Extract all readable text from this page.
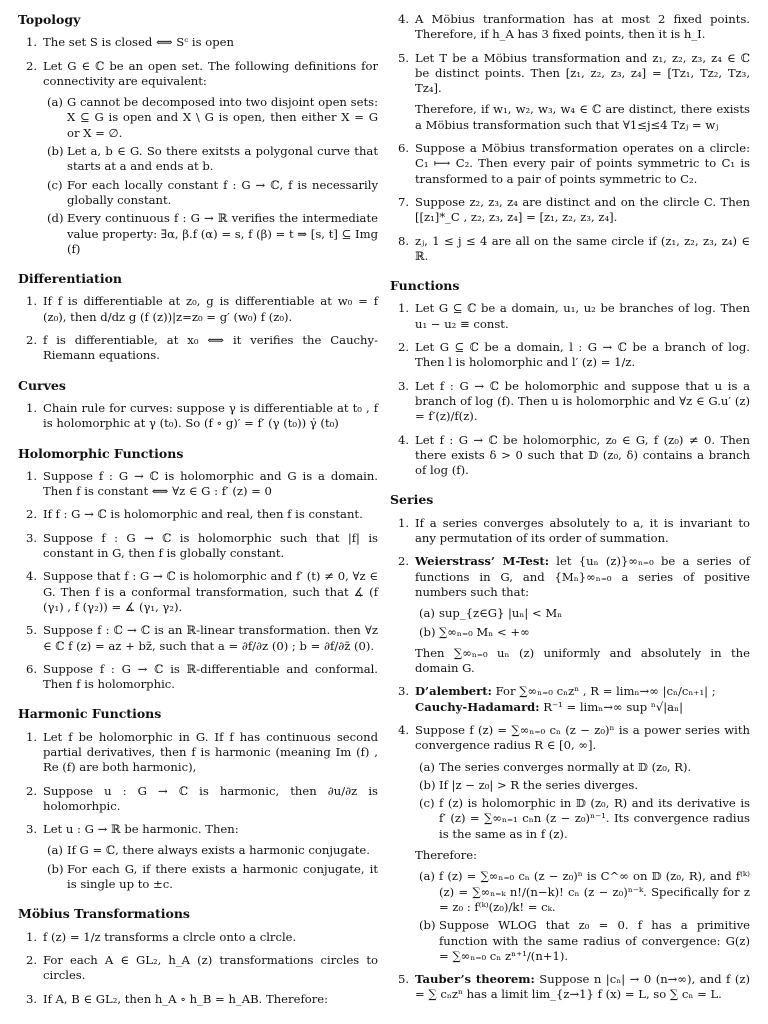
Topology
1. The set S is closed ⟺ Sᶜ is open
2. Let G ∈ ℂ be an open set. The following definitions for connectivity are equivalent:
(a) G cannot be decomposed into two disjoint open sets: X ⊆ G is open and X \ G is open, then either X = G or X = ∅.
(b) Let a, b ∈ G. So there exitsts a polygonal curve that starts at a and ends at b.
(c) For each locally constant f : G → ℂ, f is necessarily globally constant.
(d) Every continuous f : G → ℝ verifies the intermediate value property: ∃α, β.f (α) = s, f (β) = t ⇒ [s, t] ⊆ Img (f)
Differentiation
1. If f is differentiable at z₀, g is differentiable at w₀ = f (z₀), then d/dz g (f (z))|z=z₀ = g′ (w₀) f (z₀).
2. f is differentiable, at x₀ ⟺ it verifies the Cauchy-Riemann equations.
Curves
1. Chain rule for curves: suppose γ is differentiable at t₀ , f is holomorphic at γ (t₀). So (f ∘ g)′ = f′ (γ (t₀)) γ̇ (t₀)
Holomorphic Functions
1. Suppose f : G → ℂ is holomorphic and G is a domain. Then f is constant ⟺ ∀z ∈ G : f′ (z) = 0
2. If f : G → ℂ is holomorphic and real, then f is constant.
3. Suppose f : G → ℂ is holomorphic such that |f| is constant in G, then f is globally constant.
4. Suppose that f : G → ℂ is holomorphic and f′ (t) ≠ 0, ∀z ∈ G. Then f is a conformal transformation, such that ∡ (f (γ₁) , f (γ₂)) = ∡ (γ₁, γ₂).
5. Suppose f : ℂ → ℂ is an ℝ-linear transformation. then ∀z ∈ ℂ f (z) = az + bz̄, such that a = ∂f/∂z (0) ; b = ∂f/∂z̄ (0).
6. Suppose f : G → ℂ is ℝ-differentiable and conformal. Then f is holomorphic.
Harmonic Functions
1. Let f be holomorphic in G. If f has continuous second partial derivatives, then f is harmonic (meaning Im (f) , Re (f) are both harmonic),
2. Suppose u : G → ℂ is harmonic, then ∂u/∂z is holomorhpic.
3. Let u : G → ℝ be harmonic. Then:
(a) If G = ℂ, there always exists a harmonic conjugate.
(b) For each G, if there exists a harmonic conjugate, it is single up to ±c.
Möbius Transformations
1. f (z) = 1/z transforms a clrcle onto a clrcle.
2. For each A ∈ GL₂, h_A (z) transformations circles to circles.
3. If A, B ∈ GL₂, then h_A ∘ h_B = h_AB. Therefore:
4. A Möbius tranformation has at most 2 fixed points. Therefore, if h_A has 3 fixed points, then it is h_I.
5. Let T be a Möbius transformation and z₁, z₂, z₃, z₄ ∈ ℂ be distinct points. Then [z₁, z₂, z₃, z₄] = [Tz₁, Tz₂, Tz₃, Tz₄].

Therefore, if w₁, w₂, w₃, w₄ ∈ ℂ are distinct, there exists a Möbius transformation such that ∀1≤j≤4 Tzⱼ = wⱼ

6. Suppose a Möbius transformation operates on a clircle: C₁ ⟼ C₂. Then every pair of points symmetric to C₁ is transformed to a pair of points symmetric to C₂.
7. Suppose z₂, z₃, z₄ are distinct and on the clircle C. Then [[z₁]*_C , z₂, z₃, z₄] = [z₁, z₂, z₃, z₄].
8. zⱼ, 1 ≤ j ≤ 4 are all on the same circle if (z₁, z₂, z₃, z₄) ∈ ℝ.
Functions
1. Let G ⊆ ℂ be a domain, u₁, u₂ be branches of log. Then u₁ − u₂ ≡ const.
2. Let G ⊆ ℂ be a domain, l : G → ℂ be a branch of log. Then l is holomorphic and l′ (z) = 1/z.
3. Let f : G → ℂ be holomorphic and suppose that u is a branch of log (f). Then u is holomorphic and ∀z ∈ G.u′ (z) = f′(z)/f(z).
4. Let f : G → ℂ be holomorphic, z₀ ∈ G, f (z₀) ≠ 0. Then there exists δ > 0 such that 𝔻 (z₀, δ) contains a branch of log (f).
Series
1. If a series converges absolutely to a, it is invariant to any permutation of its order of summation.
2. Weierstrass’ M-Test: let {uₙ (z)}∞ₙ₌₀ be a series of functions in G, and {Mₙ}∞ₙ₌₀ a series of positive numbers such that:
(a) sup_{z∈G} |uₙ| < Mₙ
(b) ∑∞ₙ₌₀ Mₙ < +∞

Then ∑∞ₙ₌₀ uₙ (z) uniformly and absolutely in the domain G.

3. D’alembert: For ∑∞ₙ₌₀ cₙzⁿ , R = limₙ→∞ |cₙ/cₙ₊₁| ;
Cauchy-Hadamard: R⁻¹ = limₙ→∞ sup ⁿ√|aₙ|
4. Suppose f (z) = ∑∞ₙ₌₀ cₙ (z − z₀)ⁿ is a power series with convergence radius R ∈ [0, ∞].
(a) The series converges normally at 𝔻 (z₀, R).
(b) If |z − z₀| > R the series diverges.
(c) f (z) is holomorphic in 𝔻 (z₀, R) and its derivative is f′ (z) = ∑∞ₙ₌₁ cₙn (z − z₀)ⁿ⁻¹. Its convergence radius is the same as in f (z).

Therefore:

(a) f (z) = ∑∞ₙ₌₀ cₙ (z − z₀)ⁿ is C^∞ on 𝔻 (z₀, R), and f⁽ᵏ⁾ (z) = ∑∞ₙ₌ₖ n!/(n−k)! cₙ (z − z₀)ⁿ⁻ᵏ. Specifically for z = z₀ : f⁽ᵏ⁾(z₀)/k! = cₖ.
(b) Suppose WLOG that z₀ = 0. f has a primitive function with the same radius of convergence: G(z) = ∑∞ₙ₌₀ cₙ zⁿ⁺¹/(n+1).
5. Tauber’s theorem: Suppose n |cₙ| → 0 (n→∞), and f (z) = ∑ cₙzⁿ has a limit lim_{z→1} f (x) = L, so ∑ cₙ = L.
